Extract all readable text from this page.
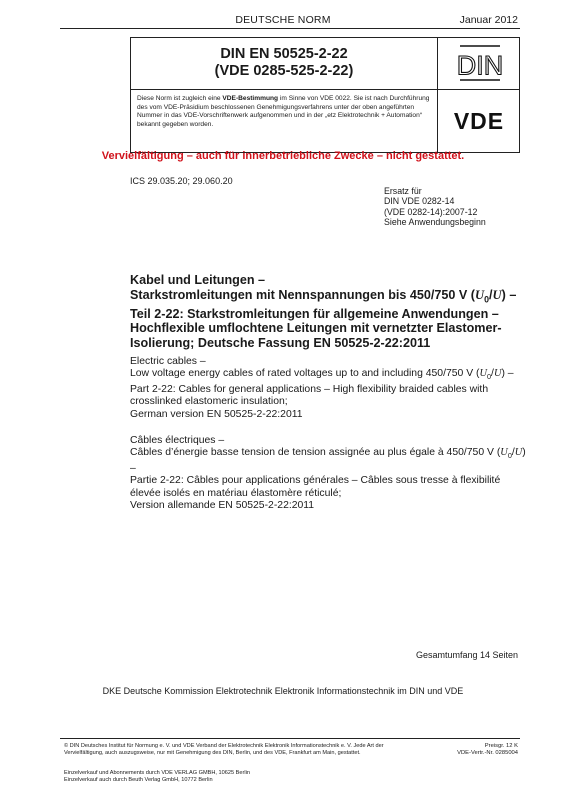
DEUTSCHE NORM	Januar 2012
DIN EN 50525-2-22
(VDE 0285-525-2-22)	DIN
Diese Norm ist zugleich eine VDE-Bestimmung im Sinne von VDE 0022. Sie ist nach Durchführung des vom VDE-Präsidium beschlossenen Genehmigungsverfahrens unter der oben angeführten Nummer in das VDE-Vorschriftenwerk aufgenommen und in der „etz Elektrotechnik + Automation“ bekannt gegeben worden.	VDE
Vervielfältigung – auch für innerbetriebliche Zwecke – nicht gestattet.
ICS 29.035.20; 29.060.20
Ersatz für
DIN VDE 0282-14
(VDE 0282-14):2007-12
Siehe Anwendungsbeginn
Kabel und Leitungen –
Starkstromleitungen mit Nennspannungen bis 450/750 V $(U_0/U)$ –
Teil 2-22: Starkstromleitungen für allgemeine Anwendungen – Hochflexible umflochtene Leitungen mit vernetzter Elastomer-Isolierung; Deutsche Fassung EN 50525-2-22:2011
Electric cables –
Low voltage energy cables of rated voltages up to and including 450/750 V $(U_0/U)$ –
Part 2-22: Cables for general applications – High flexibility braided cables with crosslinked elastomeric insulation;
German version EN 50525-2-22:2011
Câbles électriques –
Câbles d’énergie basse tension de tension assignée au plus égale à 450/750 V $(U_0/U)$ –
Partie 2-22: Câbles pour applications générales – Câbles sous tresse à flexibilité élevée isolés en matériau élastomère réticulé;
Version allemande EN 50525-2-22:2011
Gesamtumfang 14 Seiten
DKE Deutsche Kommission Elektrotechnik Elektronik Informationstechnik im DIN und VDE
© DIN Deutsches Institut für Normung e. V. und VDE Verband der Elektrotechnik Elektronik Informationstechnik e. V. Jede Art der Vervielfältigung, auch auszugsweise, nur mit Genehmigung des DIN, Berlin, und des VDE, Frankfurt am Main, gestattet.
Einzelverkauf und Abonnements durch VDE VERLAG GMBH, 10625 Berlin
Einzelverkauf auch durch Beuth Verlag GmbH, 10772 Berlin
Preisgr. 12 K
VDE-Vertr.-Nr. 0285004
